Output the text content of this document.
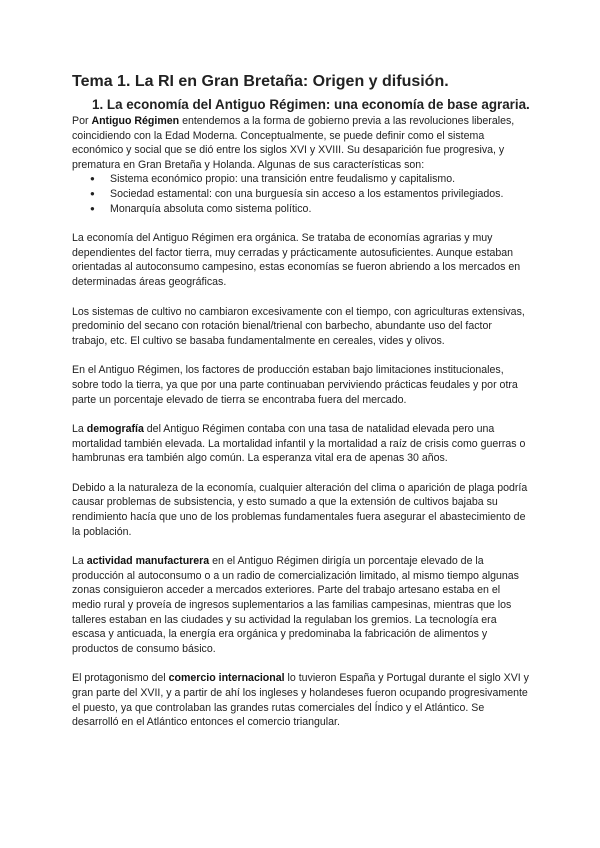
Tema 1. La RI en Gran Bretaña: Origen y difusión.
1. La economía del Antiguo Régimen: una economía de base agraria.

Por Antiguo Régimen entendemos a la forma de gobierno previa a las revoluciones liberales, coincidiendo con la Edad Moderna. Conceptualmente, se puede definir como el sistema económico y social que se dió entre los siglos XVI y XVIII. Su desaparición fue progresiva, y prematura en Gran Bretaña y Holanda. Algunas de sus características son:

● Sistema económico propio: una transición entre feudalismo y capitalismo.
● Sociedad estamental: con una burguesía sin acceso a los estamentos privilegiados.
● Monarquía absoluta como sistema político.

La economía del Antiguo Régimen era orgánica. Se trataba de economías agrarias y muy dependientes del factor tierra, muy cerradas y prácticamente autosuficientes. Aunque estaban orientadas al autoconsumo campesino, estas economías se fueron abriendo a los mercados en determinadas áreas geográficas.

Los sistemas de cultivo no cambiaron excesivamente con el tiempo, con agriculturas extensivas, predominio del secano con rotación bienal/trienal con barbecho, abundante uso del factor trabajo, etc. El cultivo se basaba fundamentalmente en cereales, vides y olivos.

En el Antiguo Régimen, los factores de producción estaban bajo limitaciones institucionales, sobre todo la tierra, ya que por una parte continuaban perviviendo prácticas feudales y por otra parte un porcentaje elevado de tierra se encontraba fuera del mercado.

La demografía del Antiguo Régimen contaba con una tasa de natalidad elevada pero una mortalidad también elevada. La mortalidad infantil y la mortalidad a raíz de crisis como guerras o hambrunas era también algo común. La esperanza vital era de apenas 30 años.

Debido a la naturaleza de la economía, cualquier alteración del clima o aparición de plaga podría causar problemas de subsistencia, y esto sumado a que la extensión de cultivos bajaba su rendimiento hacía que uno de los problemas fundamentales fuera asegurar el abastecimiento de la población.

La actividad manufacturera en el Antiguo Régimen dirigía un porcentaje elevado de la producción al autoconsumo o a un radio de comercialización limitado, al mismo tiempo algunas zonas consiguieron acceder a mercados exteriores. Parte del trabajo artesano estaba en el medio rural y proveía de ingresos suplementarios a las familias campesinas, mientras que los talleres estaban en las ciudades y su actividad la regulaban los gremios. La tecnología era escasa y anticuada, la energía era orgánica y predominaba la fabricación de alimentos y productos de consumo básico.

El protagonismo del comercio internacional lo tuvieron España y Portugal durante el siglo XVI y gran parte del XVII, y a partir de ahí los ingleses y holandeses fueron ocupando progresivamente el puesto, ya que controlaban las grandes rutas comerciales del Índico y el Atlántico. Se desarrolló en el Atlántico entonces el comercio triangular.
